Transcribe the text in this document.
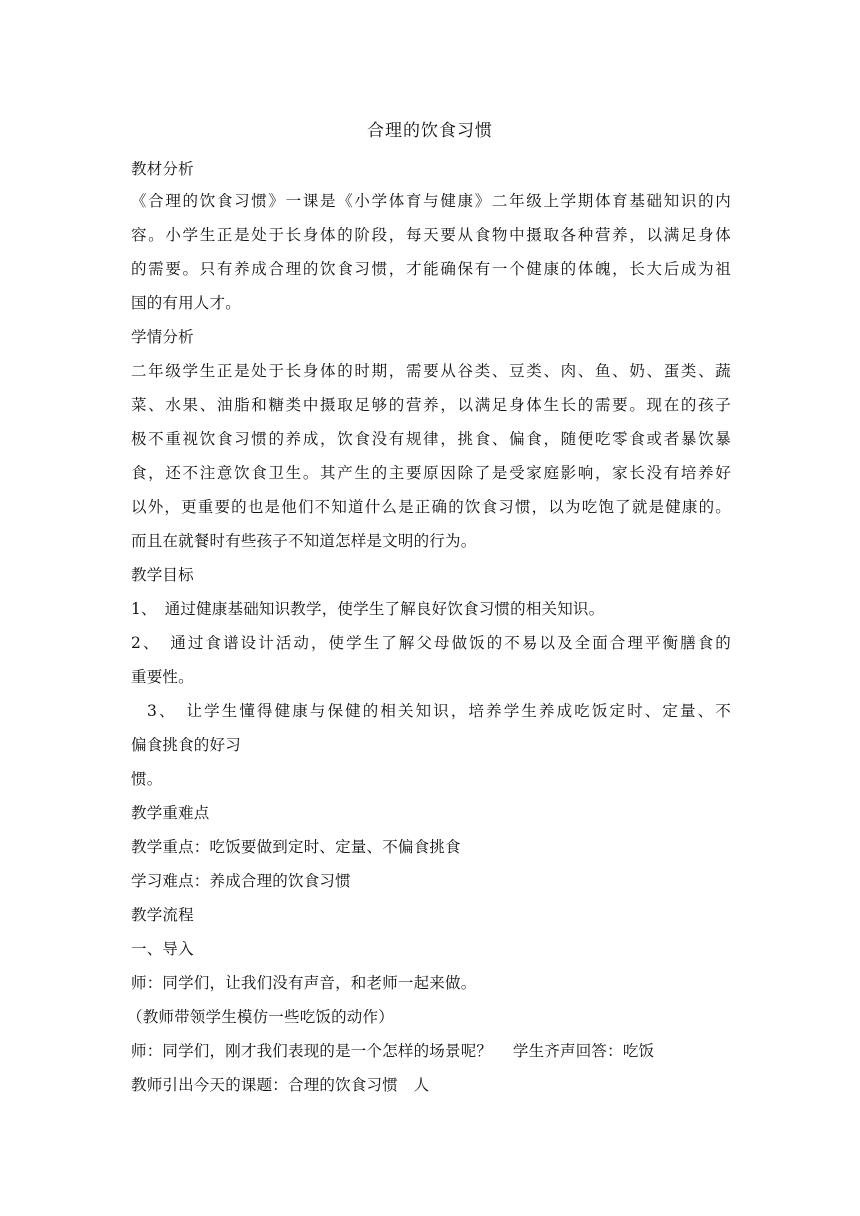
合理的饮食习惯
教材分析
《合理的饮食习惯》一课是《小学体育与健康》二年级上学期体育基础知识的内
容。小学生正是处于长身体的阶段，每天要从食物中摄取各种营养，以满足身体
的需要。只有养成合理的饮食习惯，才能确保有一个健康的体魄，长大后成为祖
国的有用人才。
学情分析
二年级学生正是处于长身体的时期，需要从谷类、豆类、肉、鱼、奶、蛋类、蔬
菜、水果、油脂和糖类中摄取足够的营养，以满足身体生长的需要。现在的孩子
极不重视饮食习惯的养成，饮食没有规律，挑食、偏食，随便吃零食或者暴饮暴
食，还不注意饮食卫生。其产生的主要原因除了是受家庭影响，家长没有培养好
以外，更重要的也是他们不知道什么是正确的饮食习惯，以为吃饱了就是健康的。
而且在就餐时有些孩子不知道怎样是文明的行为。
教学目标
1、　通过健康基础知识教学，使学生了解良好饮食习惯的相关知识。
2、　通过食谱设计活动，使学生了解父母做饭的不易以及全面合理平衡膳食的
重要性。
3、　让学生懂得健康与保健的相关知识，培养学生养成吃饭定时、定量、不
偏食挑食的好习
惯。
教学重难点
教学重点：吃饭要做到定时、定量、不偏食挑食
学习难点：养成合理的饮食习惯
教学流程
一、导入
师：同学们，让我们没有声音，和老师一起来做。
（教师带领学生模仿一些吃饭的动作）
师：同学们，刚才我们表现的是一个怎样的场景呢？　 学生齐声回答：吃饭
教师引出今天的课题：合理的饮食习惯　人
